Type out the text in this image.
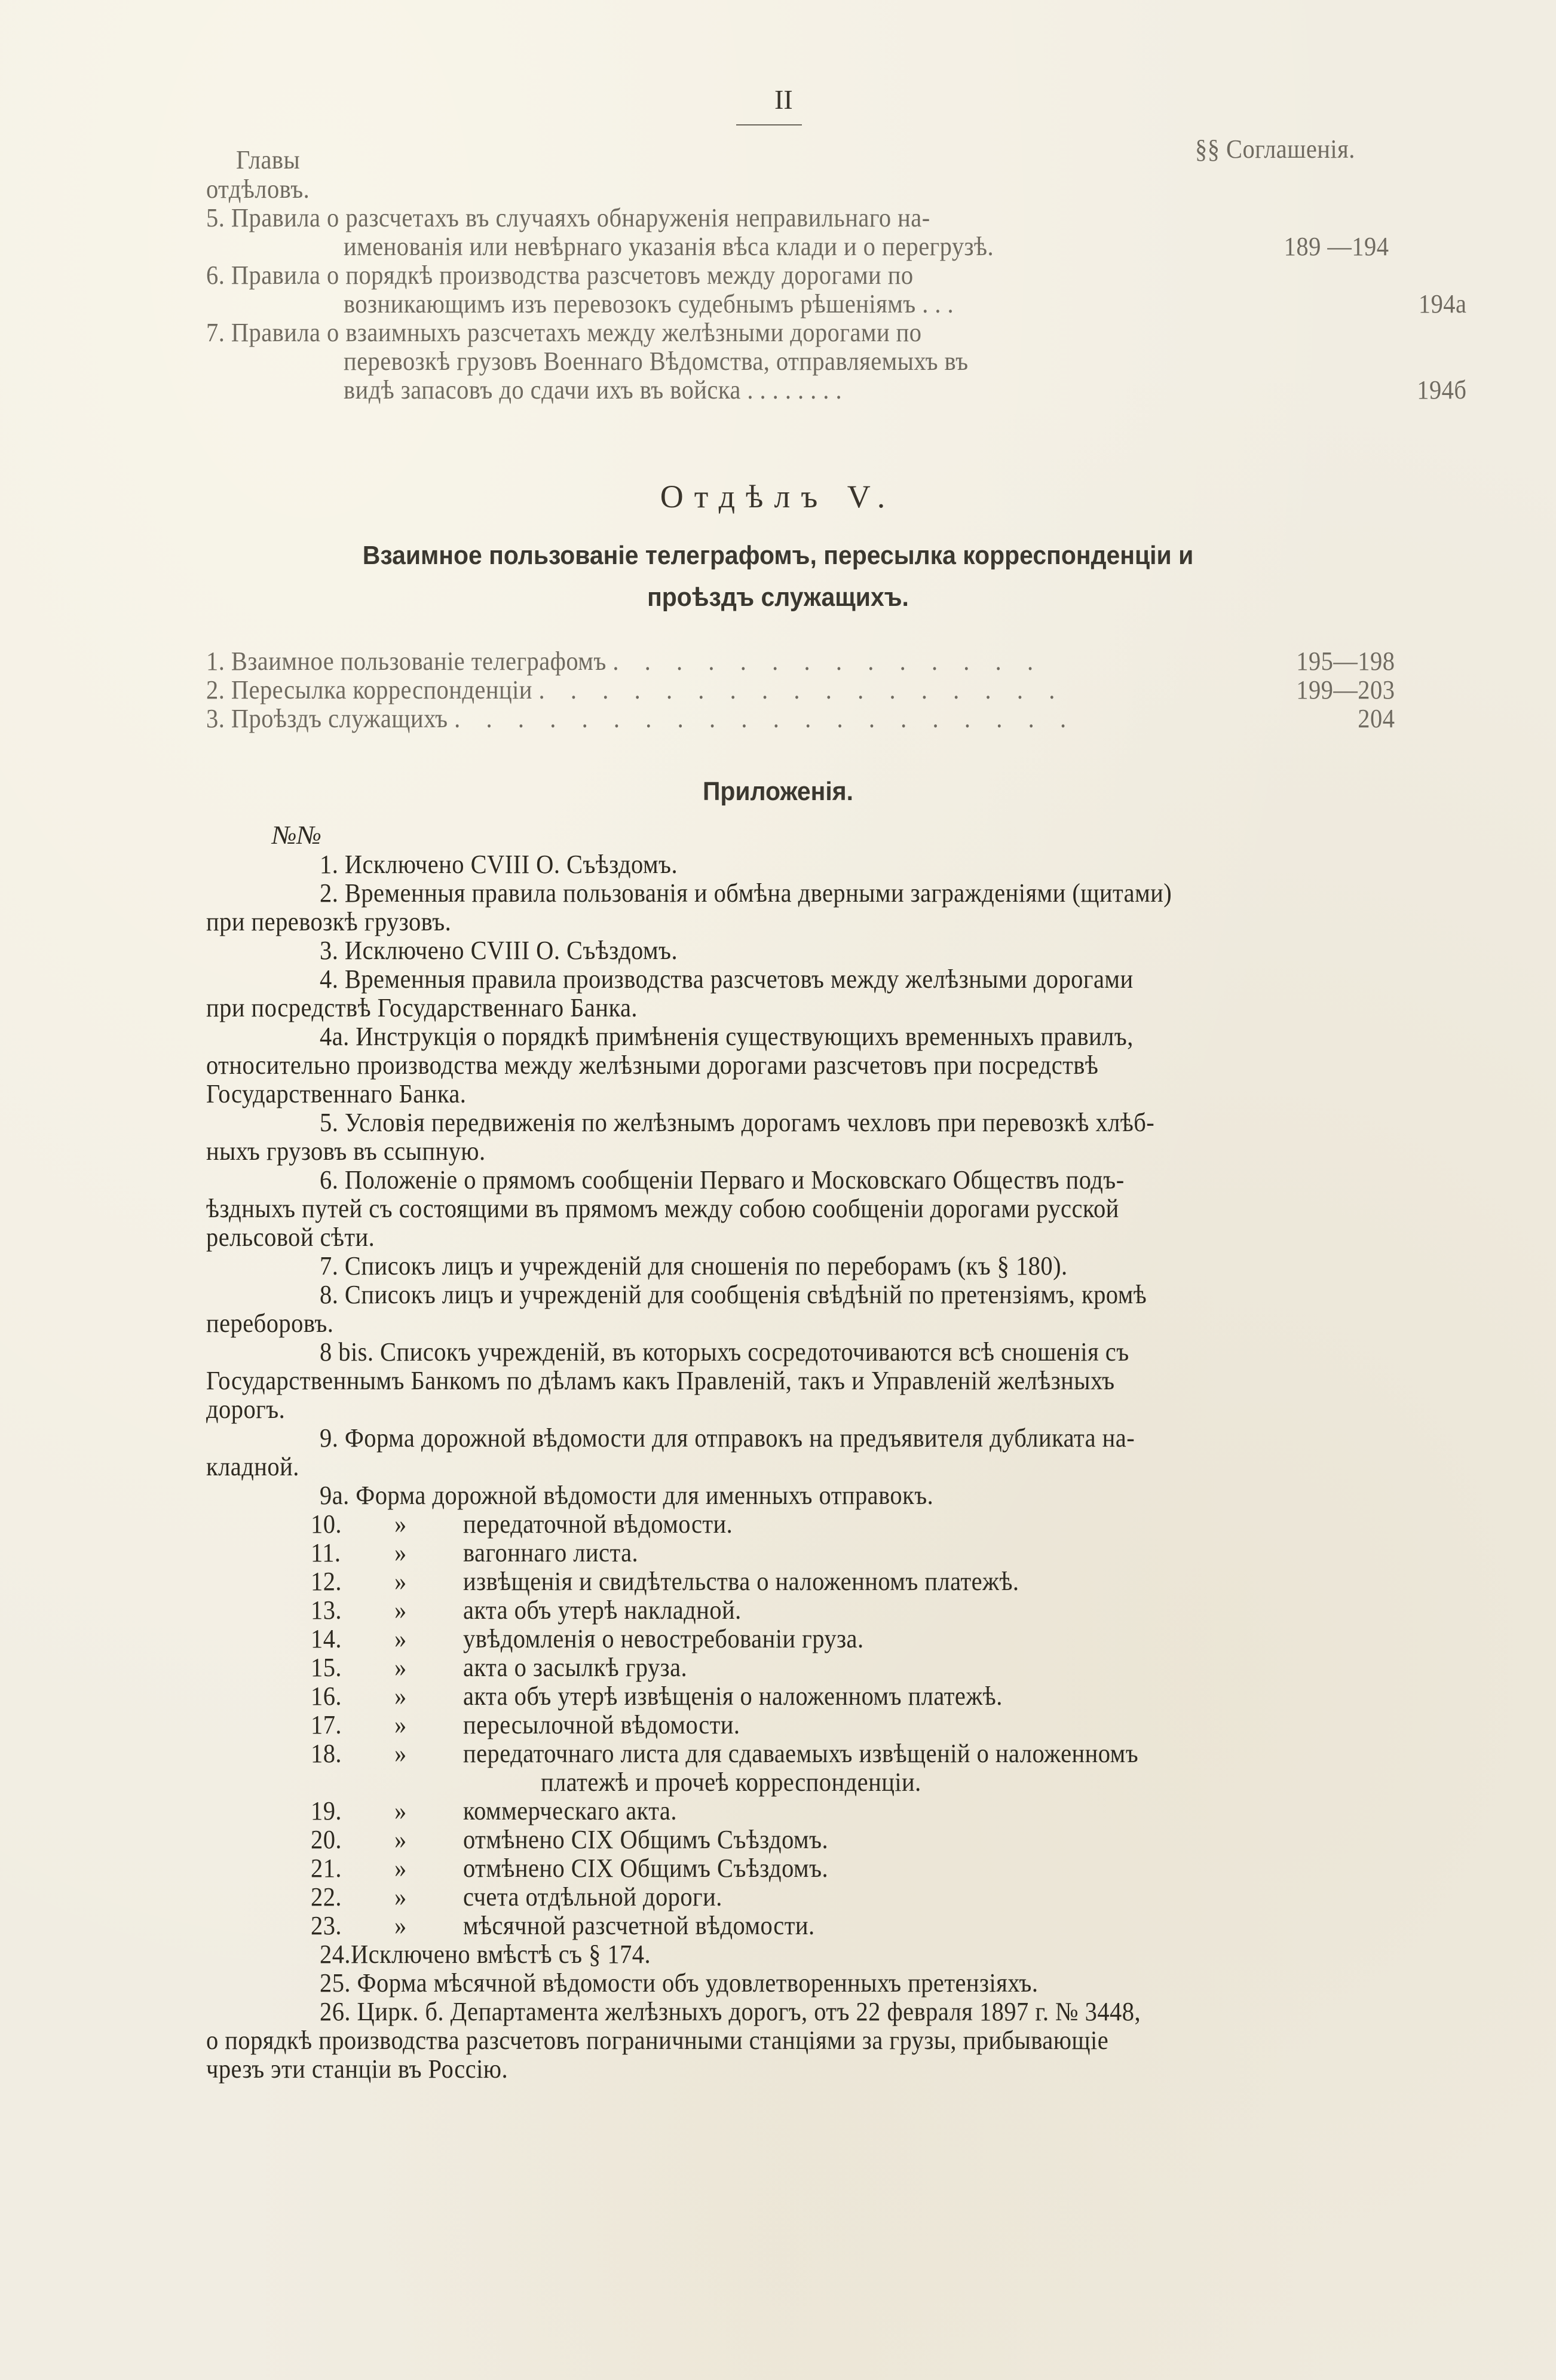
II
Главы
отдѣловъ.
§§ Соглашенія.
5. Правила о разсчетахъ въ случаяхъ обнаруженія неправильнаго на-
именованія или невѣрнаго указанія вѣса клади и о перегрузѣ.	189 —194
6. Правила о порядкѣ производства разсчетовъ между дорогами по
возникающимъ изъ перевозокъ судебнымъ рѣшеніямъ . . .	194а
7. Правила о взаимныхъ разсчетахъ между желѣзными дорогами по
перевозкѣ грузовъ Военнаго Вѣдомства, отправляемыхъ въ
видѣ запасовъ до сдачи ихъ въ войска . . . . . . . .	194б
Отдѣлъ V.
Взаимное пользованіе телеграфомъ, пересылка корреспонденціи и
проѣздъ служащихъ.
1. Взаимное пользованіе телеграфомъ . . . . . . . . . . . . . .	195—198
2. Пересылка корреспонденціи . . . . . . . . . . . . . . . . .	199—203
3. Проѣздъ служащихъ . . . . . . . . . . . . . . . . . . . .	204
Приложенія.
№№
1. Исключено CVIII О. Съѣздомъ.
2. Временныя правила пользованія и обмѣна дверными загражденіями (щитами)
при перевозкѣ грузовъ.
3. Исключено CVIII О. Съѣздомъ.
4. Временныя правила производства разсчетовъ между желѣзными дорогами
при посредствѣ Государственнаго Банка.
4а. Инструкція о порядкѣ примѣненія существующихъ временныхъ правилъ,
относительно производства между желѣзными дорогами разсчетовъ при посредствѣ
Государственнаго Банка.
5. Условія передвиженія по желѣзнымъ дорогамъ чехловъ при перевозкѣ хлѣб-
ныхъ грузовъ въ ссыпную.
6. Положеніе о прямомъ сообщеніи Перваго и Московскаго Обществъ подъ-
ѣздныхъ путей съ состоящими въ прямомъ между собою сообщеніи дорогами русской
рельсовой сѣти.
7. Списокъ лицъ и учрежденій для сношенія по переборамъ (къ § 180).
8. Списокъ лицъ и учрежденій для сообщенія свѣдѣній по претензіямъ, кромѣ
переборовъ.
8 bis. Списокъ учрежденій, въ которыхъ сосредоточиваются всѣ сношенія съ
Государственнымъ Банкомъ по дѣламъ какъ Правленій, такъ и Управленій желѣзныхъ
дорогъ.
9. Форма дорожной вѣдомости для отправокъ на предъявителя дубликата на-
кладной.
9а. Форма дорожной вѣдомости для именныхъ отправокъ.
10. » передаточной вѣдомости.
11. » вагоннаго листа.
12. » извѣщенія и свидѣтельства о наложенномъ платежѣ.
13. » акта объ утерѣ накладной.
14. » увѣдомленія о невостребованіи груза.
15. » акта о засылкѣ груза.
16. » акта объ утерѣ извѣщенія о наложенномъ платежѣ.
17. » пересылочной вѣдомости.
18. » передаточнаго листа для сдаваемыхъ извѣщеній о наложенномъ
платежѣ и прочеѣ корреспонденціи.
19. » коммерческаго акта.
20. » отмѣнено CIX Общимъ Съѣздомъ.
21. » отмѣнено CIX Общимъ Съѣздомъ.
22. » счета отдѣльной дороги.
23. » мѣсячной разсчетной вѣдомости.
24.Исключено вмѣстѣ съ § 174.
25. Форма мѣсячной вѣдомости объ удовлетворенныхъ претензіяхъ.
26. Цирк. б. Департамента желѣзныхъ дорогъ, отъ 22 февраля 1897 г. № 3448,
о порядкѣ производства разсчетовъ пограничными станціями за грузы, прибывающіе
чрезъ эти станціи въ Россію.
